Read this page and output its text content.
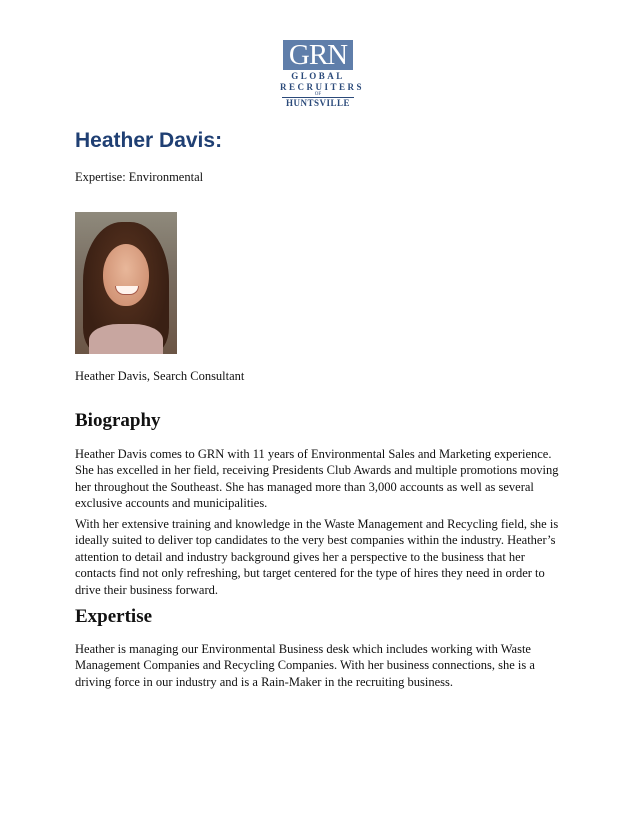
GRN
GLOBAL
RECRUITERS
OF
HUNTSVILLE
Heather Davis:
Expertise: Environmental
Heather Davis, Search Consultant
Biography

Heather Davis comes to GRN with 11 years of Environmental Sales and Marketing experience. She has excelled in her field, receiving Presidents Club Awards and multiple promotions moving her throughout the Southeast. She has managed more than 3,000 accounts as well as several exclusive accounts and municipalities.

With her extensive training and knowledge in the Waste Management and Recycling field, she is ideally suited to deliver top candidates to the very best companies within the industry. Heather’s attention to detail and industry background gives her a perspective to the business that her contacts find not only refreshing, but target centered for the type of hires they need in order to drive their business forward.

Expertise

Heather is managing our Environmental Business desk which includes working with Waste Management Companies and Recycling Companies. With her business connections, she is a driving force in our industry and is a Rain-Maker in the recruiting business.
